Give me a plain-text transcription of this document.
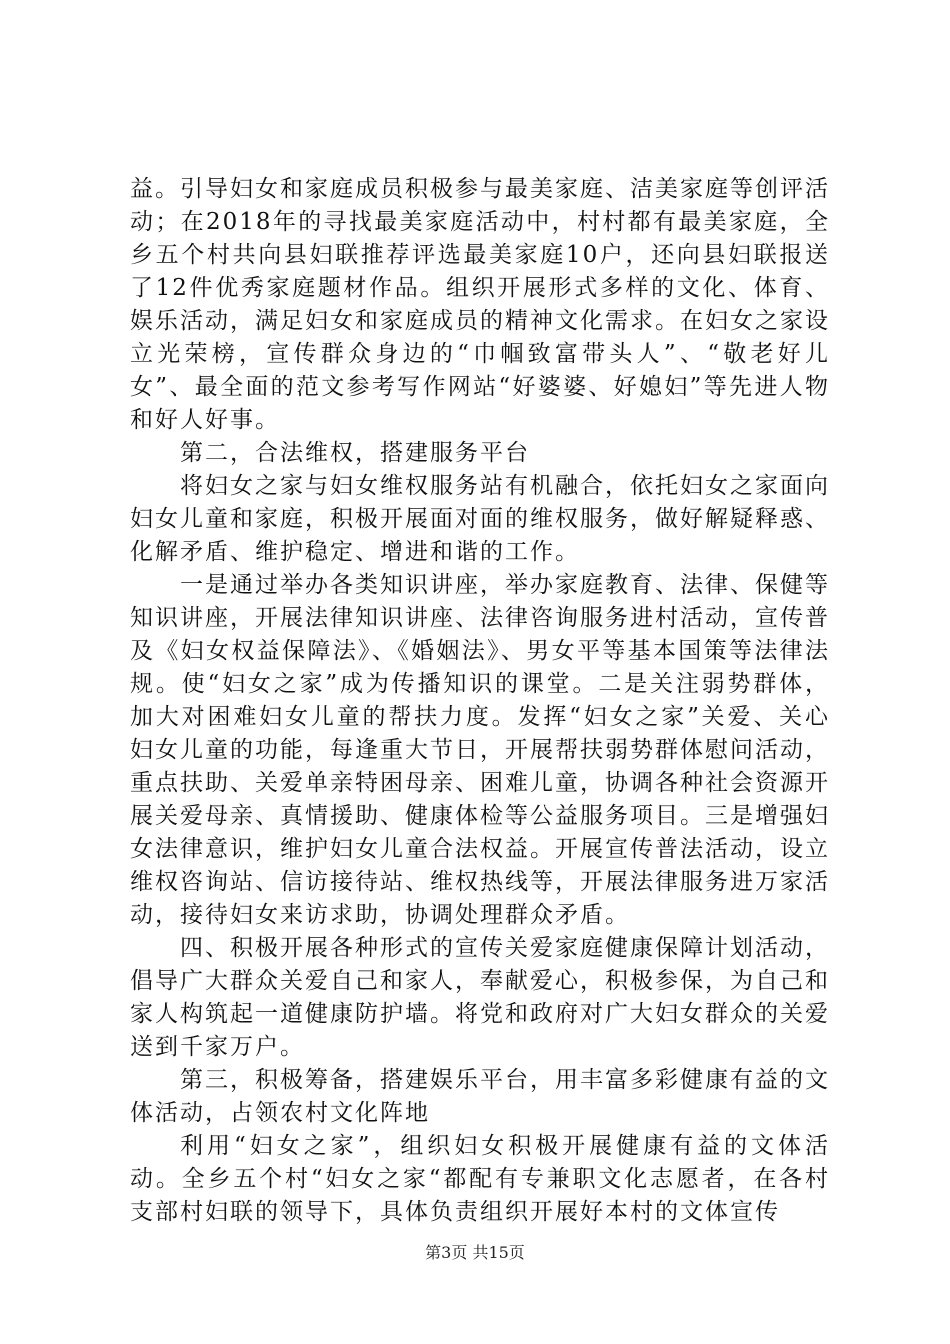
益。引导妇女和家庭成员积极参与最美家庭、洁美家庭等创评活动；在2018年的寻找最美家庭活动中，村村都有最美家庭，全乡五个村共向县妇联推荐评选最美家庭10户，还向县妇联报送了12件优秀家庭题材作品。组织开展形式多样的文化、体育、娱乐活动，满足妇女和家庭成员的精神文化需求。在妇女之家设立光荣榜，宣传群众身边的“巾帼致富带头人”、“敬老好儿女”、最全面的范文参考写作网站“好婆婆、好媳妇”等先进人物和好人好事。

第二，合法维权，搭建服务平台

将妇女之家与妇女维权服务站有机融合，依托妇女之家面向妇女儿童和家庭，积极开展面对面的维权服务，做好解疑释惑、化解矛盾、维护稳定、增进和谐的工作。

一是通过举办各类知识讲座，举办家庭教育、法律、保健等知识讲座，开展法律知识讲座、法律咨询服务进村活动，宣传普及《妇女权益保障法》、《婚姻法》、男女平等基本国策等法律法规。使“妇女之家”成为传播知识的课堂。二是关注弱势群体，加大对困难妇女儿童的帮扶力度。发挥“妇女之家”关爱、关心妇女儿童的功能，每逢重大节日，开展帮扶弱势群体慰问活动，重点扶助、关爱单亲特困母亲、困难儿童，协调各种社会资源开展关爱母亲、真情援助、健康体检等公益服务项目。三是增强妇女法律意识，维护妇女儿童合法权益。开展宣传普法活动，设立维权咨询站、信访接待站、维权热线等，开展法律服务进万家活动，接待妇女来访求助，协调处理群众矛盾。

四、积极开展各种形式的宣传关爱家庭健康保障计划活动，倡导广大群众关爱自己和家人，奉献爱心，积极参保，为自己和家人构筑起一道健康防护墙。将党和政府对广大妇女群众的关爱送到千家万户。

第三，积极筹备，搭建娱乐平台，用丰富多彩健康有益的文体活动，占领农村文化阵地

利用“妇女之家”，组织妇女积极开展健康有益的文体活动。全乡五个村“妇女之家“都配有专兼职文化志愿者，在各村支部村妇联的领导下，具体负责组织开展好本村的文体宣传

第3页 共15页
